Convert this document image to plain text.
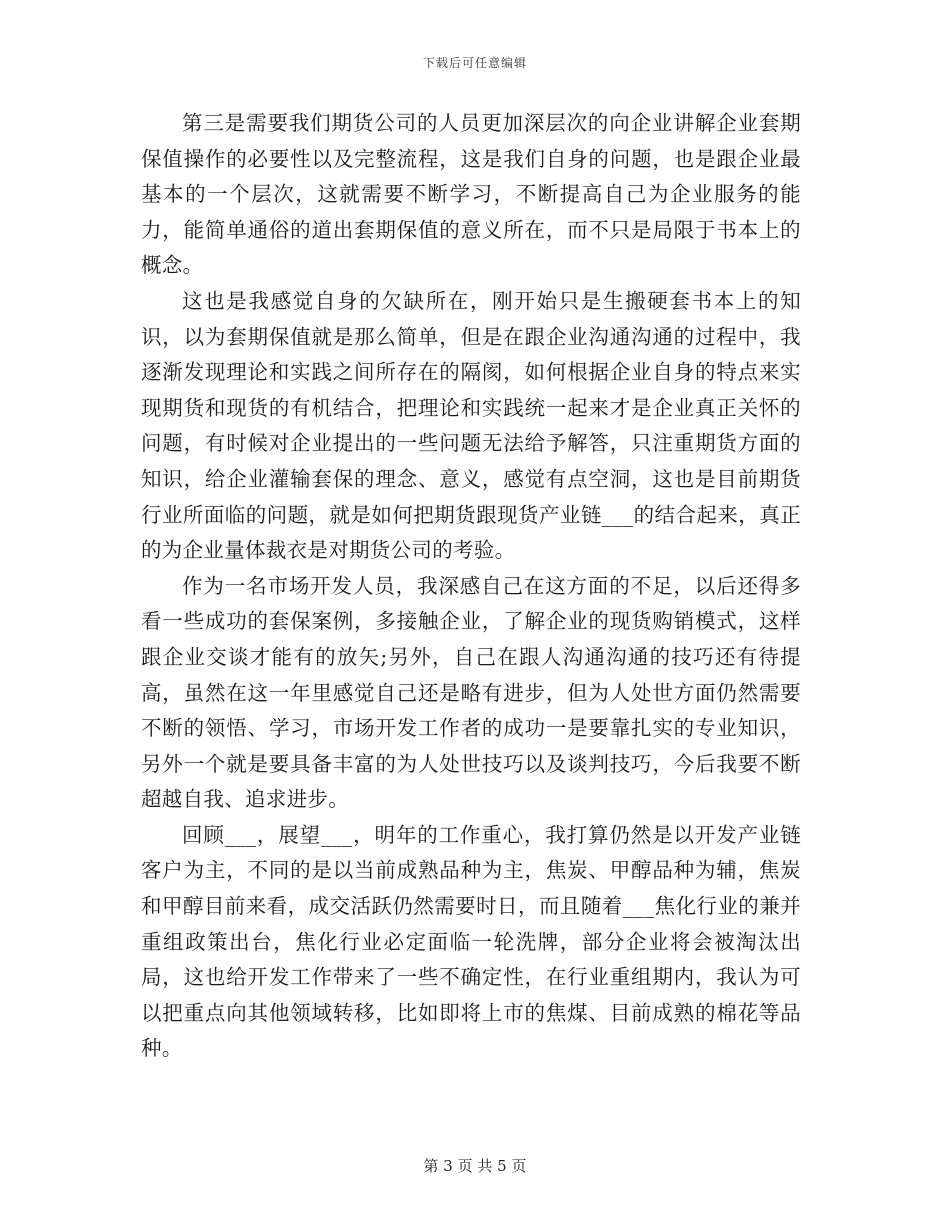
下载后可任意编辑

第三是需要我们期货公司的人员更加深层次的向企业讲解企业套期保值操作的必要性以及完整流程，这是我们自身的问题，也是跟企业最基本的一个层次，这就需要不断学习，不断提高自己为企业服务的能力，能简单通俗的道出套期保值的意义所在，而不只是局限于书本上的概念。

这也是我感觉自身的欠缺所在，刚开始只是生搬硬套书本上的知识，以为套期保值就是那么简单，但是在跟企业沟通沟通的过程中，我逐渐发现理论和实践之间所存在的隔阂，如何根据企业自身的特点来实现期货和现货的有机结合，把理论和实践统一起来才是企业真正关怀的问题，有时候对企业提出的一些问题无法给予解答，只注重期货方面的知识，给企业灌输套保的理念、意义，感觉有点空洞，这也是目前期货行业所面临的问题，就是如何把期货跟现货产业链___的结合起来，真正的为企业量体裁衣是对期货公司的考验。

作为一名市场开发人员，我深感自己在这方面的不足，以后还得多看一些成功的套保案例，多接触企业，了解企业的现货购销模式，这样跟企业交谈才能有的放矢;另外，自己在跟人沟通沟通的技巧还有待提高，虽然在这一年里感觉自己还是略有进步，但为人处世方面仍然需要不断的领悟、学习，市场开发工作者的成功一是要靠扎实的专业知识，另外一个就是要具备丰富的为人处世技巧以及谈判技巧，今后我要不断超越自我、追求进步。

回顾___，展望___，明年的工作重心，我打算仍然是以开发产业链客户为主，不同的是以当前成熟品种为主，焦炭、甲醇品种为辅，焦炭和甲醇目前来看，成交活跃仍然需要时日，而且随着___焦化行业的兼并重组政策出台，焦化行业必定面临一轮洗牌，部分企业将会被淘汰出局，这也给开发工作带来了一些不确定性，在行业重组期内，我认为可以把重点向其他领域转移，比如即将上市的焦煤、目前成熟的棉花等品种。

第 3 页 共 5 页
